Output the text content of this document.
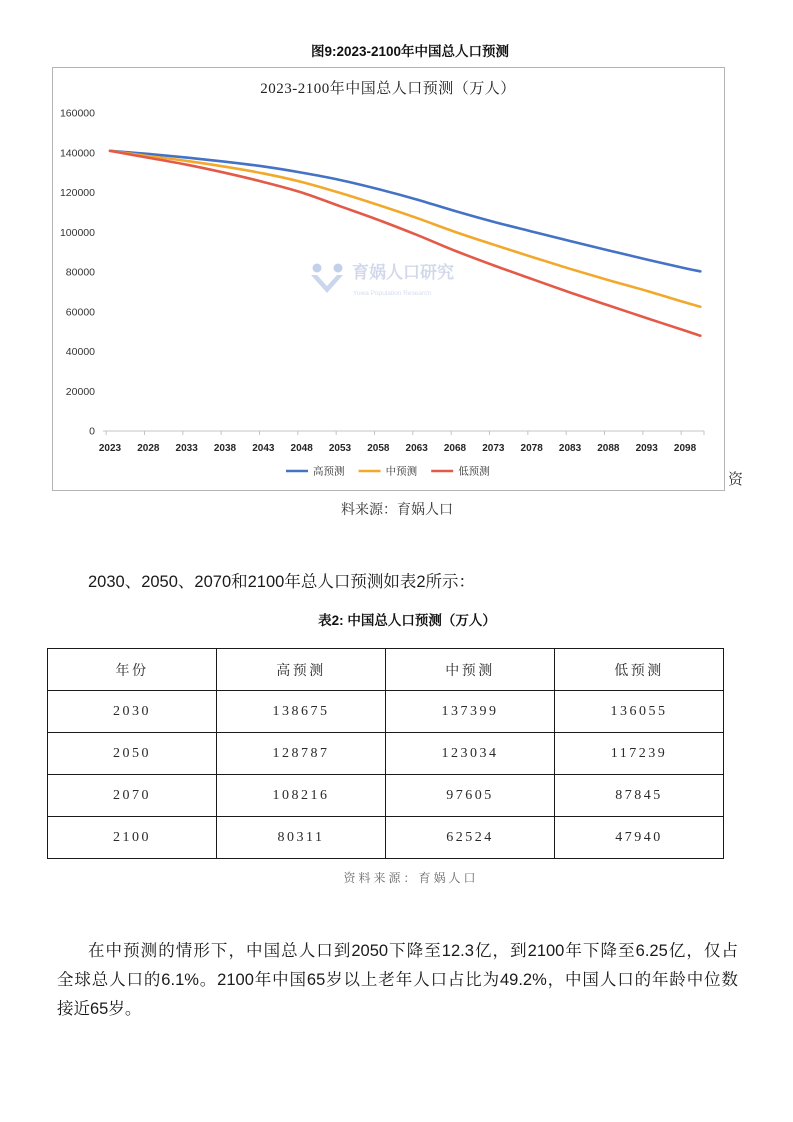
图9:2023-2100年中国总人口预测
2023-2100年中国总人口预测（万人）
育娲人口研究
Yuwa Population Research
0
20000
40000
60000
80000
100000
120000
140000
160000
2023 2028 2033 2038 2043 2048 2053 2058 2063 2068 2073 2078 2083 2088 2093 2098
高预测	中预测	低预测	资
料来源：育娲人口
2030、2050、2070和2100年总人口预测如表2所示：
表2: 中国总人口预测（万人）
年份	高预测	中预测	低预测
2030	138675	137399	136055
2050	128787	123034	117239
2070	108216	97605	87845
2100	80311	62524	47940
资料来源：育娲人口
在中预测的情形下，中国总人口到2050下降至12.3亿，到2100年下降至6.25亿，仅占
全球总人口的6.1%。2100年中国65岁以上老年人口占比为49.2%，中国人口的年龄中位数
接近65岁。
